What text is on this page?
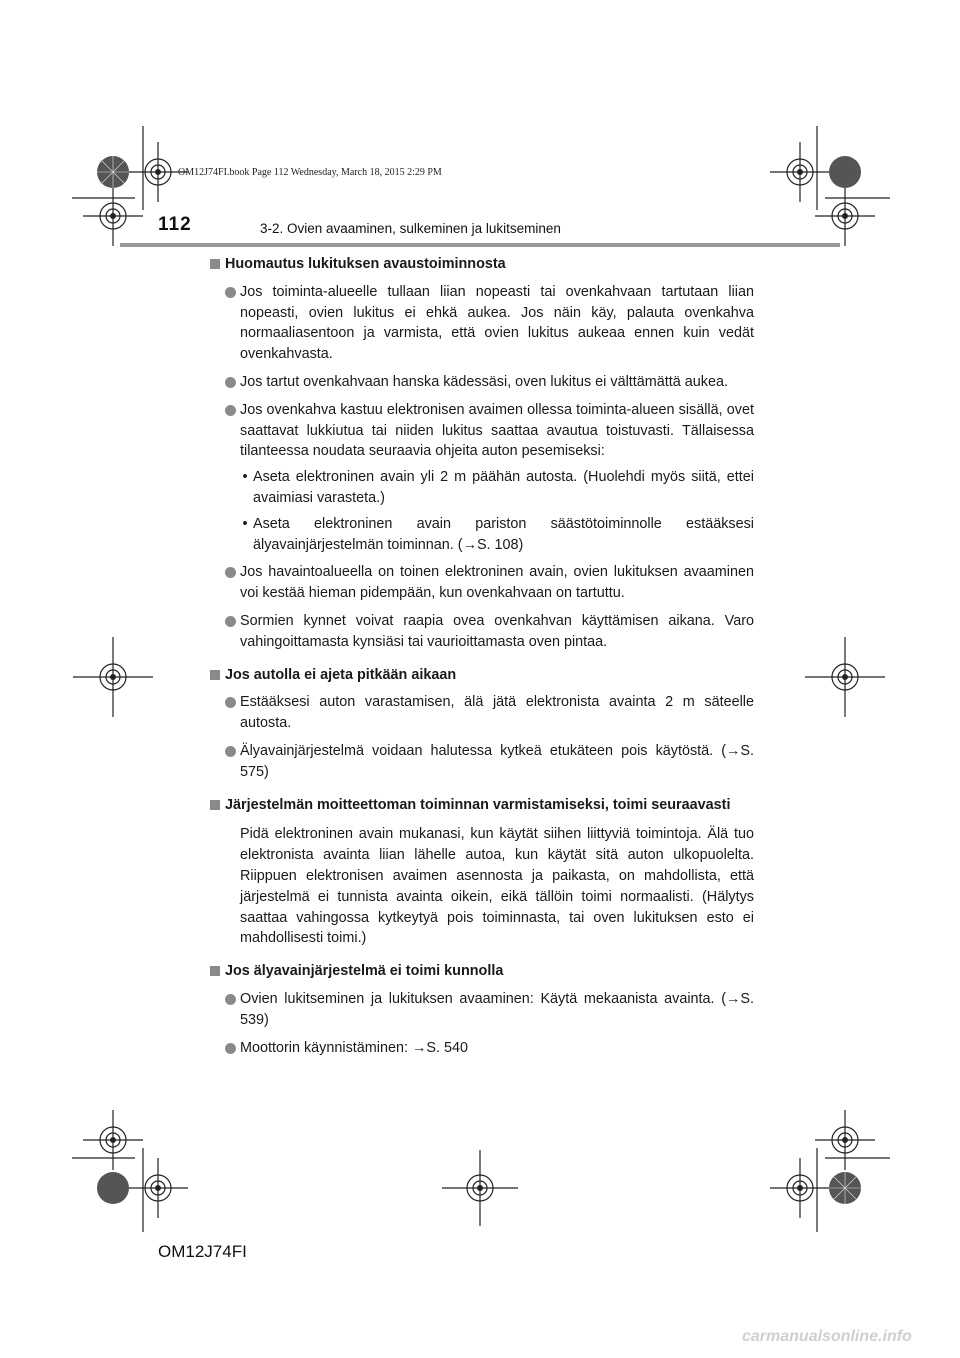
OM12J74FI.book Page 112 Wednesday, March 18, 2015 2:29 PM
112	3-2. Ovien avaaminen, sulkeminen ja lukitseminen
Huomautus lukituksen avaustoiminnosta
Jos toiminta-alueelle tullaan liian nopeasti tai ovenkahvaan tartutaan liian nopeasti, ovien lukitus ei ehkä aukea. Jos näin käy, palauta ovenkahva normaaliasentoon ja varmista, että ovien lukitus aukeaa ennen kuin vedät ovenkahvasta.
Jos tartut ovenkahvaan hanska kädessäsi, oven lukitus ei välttämättä aukea.
Jos ovenkahva kastuu elektronisen avaimen ollessa toiminta-alueen sisällä, ovet saattavat lukkiutua tai niiden lukitus saattaa avautua toistuvasti. Tällaisessa tilanteessa noudata seuraavia ohjeita auton pesemiseksi:
• Aseta elektroninen avain yli 2 m päähän autosta. (Huolehdi myös siitä, ettei avaimiasi varasteta.)
• Aseta elektroninen avain pariston säästötoiminnolle estääksesi älyavainjärjestelmän toiminnan. (→S. 108)
Jos havaintoalueella on toinen elektroninen avain, ovien lukituksen avaaminen voi kestää hieman pidempään, kun ovenkahvaan on tartuttu.
Sormien kynnet voivat raapia ovea ovenkahvan käyttämisen aikana. Varo vahingoittamasta kynsiäsi tai vaurioittamasta oven pintaa.
Jos autolla ei ajeta pitkään aikaan
Estääksesi auton varastamisen, älä jätä elektronista avainta 2 m säteelle autosta.
Älyavainjärjestelmä voidaan halutessa kytkeä etukäteen pois käytöstä. (→S. 575)
Järjestelmän moitteettoman toiminnan varmistamiseksi, toimi seuraavasti
Pidä elektroninen avain mukanasi, kun käytät siihen liittyviä toimintoja. Älä tuo elektronista avainta liian lähelle autoa, kun käytät sitä auton ulkopuolelta. Riippuen elektronisen avaimen asennosta ja paikasta, on mahdollista, että järjestelmä ei tunnista avainta oikein, eikä tällöin toimi normaalisti. (Hälytys saattaa vahingossa kytkeytyä pois toiminnasta, tai oven lukituksen esto ei mahdollisesti toimi.)
Jos älyavainjärjestelmä ei toimi kunnolla
Ovien lukitseminen ja lukituksen avaaminen: Käytä mekaanista avainta. (→S. 539)
Moottorin käynnistäminen: →S. 540
OM12J74FI
carmanualsonline.info
